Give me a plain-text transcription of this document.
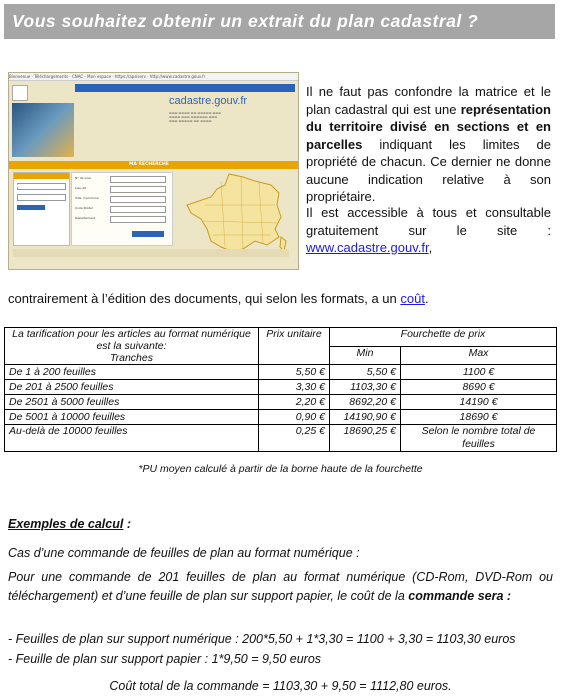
Vous souhaitez obtenir un extrait du plan cadastral ?
Bienvenue · Téléchargements · CNAC - Mon espace · https://apsiserv · http://www.cadastre.gouv.fr
cadastre.gouv.fr
▬▬▬ ▬▬▬▬ ▬▬ ▬▬▬▬▬ ▬▬▬
▬▬▬▬ ▬▬▬ ▬▬▬▬▬▬ ▬▬▬
▬▬▬ ▬▬▬▬▬ ▬▬ ▬▬▬▬
MA RECHERCHE
MON COMPTE
N° de voie
Lieu-dit
Ville, Commune
Code Postal
Département
Il ne faut pas confondre la matrice et le plan cadastral qui est une représentation du territoire divisé en sections et en parcelles indiquant les limites de propriété de chacun. Ce dernier ne donne aucune indication relative à son propriétaire.
Il est accessible à tous et consultable gratuitement sur le site : www.cadastre.gouv.fr,
contrairement à l’édition des documents, qui selon les formats, a un coût.
La tarification pour les articles au format numérique est la suivante:
Tranches	Prix unitaire	Fourchette de prix	
		Min	Max
De 1 à 200 feuilles	5,50 €	5,50 €	1100 €
De 201 à 2500 feuilles	3,30 €	1103,30 €	8690 €
De 2501 à 5000 feuilles	2,20 €	8692,20 €	14190 €
De 5001 à 10000 feuilles	0,90 €	14190,90 €	18690 €
Au-delà de 10000 feuilles	0,25 €	18690,25 €	Selon le nombre total de feuilles
*PU moyen calculé à partir de la borne haute de la fourchette
Exemples de calcul :
Cas d’une commande de feuilles de plan au format numérique :
Pour une commande de 201 feuilles de plan au format numérique (CD-Rom, DVD-Rom ou téléchargement) et d’une feuille de plan sur support papier, le coût de la commande sera :
- Feuilles de plan sur support numérique : 200*5,50 + 1*3,30 = 1100 + 3,30 = 1103,30 euros
- Feuille de plan sur support papier : 1*9,50 = 9,50 euros
Coût total de la commande = 1103,30 + 9,50 = 1112,80 euros.
